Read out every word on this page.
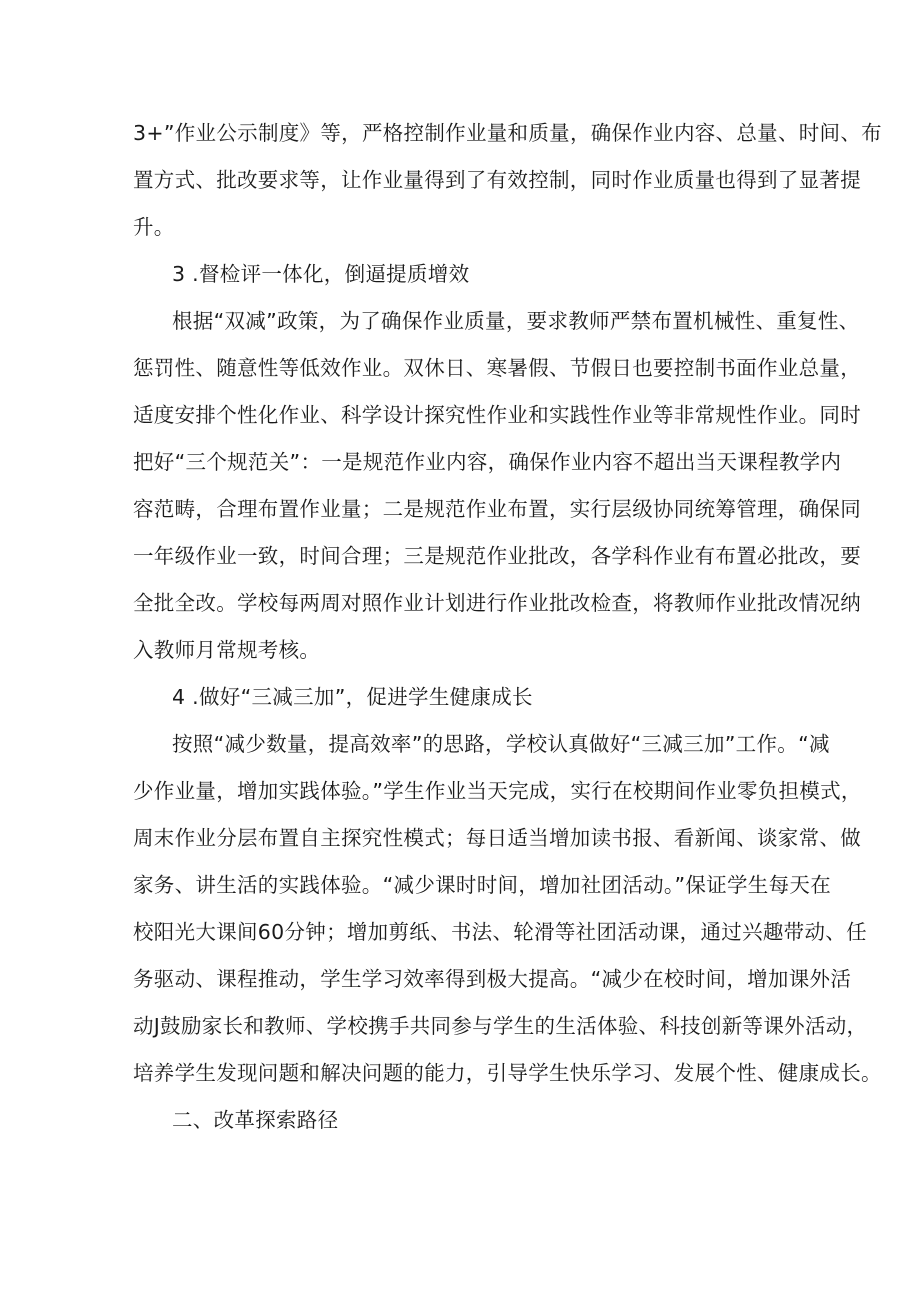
3+”作业公示制度》等，严格控制作业量和质量，确保作业内容、总量、时间、布
置方式、批改要求等，让作业量得到了有效控制，同时作业质量也得到了显著提
升。
3 .督检评一体化，倒逼提质增效
根据“双减”政策，为了确保作业质量，要求教师严禁布置机械性、重复性、
惩罚性、随意性等低效作业。双休日、寒暑假、节假日也要控制书面作业总量，
适度安排个性化作业、科学设计探究性作业和实践性作业等非常规性作业。同时
把好“三个规范关”：一是规范作业内容，确保作业内容不超出当天课程教学内
容范畴，合理布置作业量；二是规范作业布置，实行层级协同统筹管理，确保同
一年级作业一致，时间合理；三是规范作业批改，各学科作业有布置必批改，要
全批全改。学校每两周对照作业计划进行作业批改检查，将教师作业批改情况纳
入教师月常规考核。
4 .做好“三减三加”，促进学生健康成长
按照“减少数量，提高效率”的思路，学校认真做好“三减三加”工作。“减
少作业量，增加实践体验。”学生作业当天完成，实行在校期间作业零负担模式，
周末作业分层布置自主探究性模式；每日适当增加读书报、看新闻、谈家常、做
家务、讲生活的实践体验。“减少课时时间，增加社团活动。”保证学生每天在
校阳光大课间60分钟；增加剪纸、书法、轮滑等社团活动课，通过兴趣带动、任
务驱动、课程推动，学生学习效率得到极大提高。“减少在校时间，增加课外活
动J鼓励家长和教师、学校携手共同参与学生的生活体验、科技创新等课外活动，
培养学生发现问题和解决问题的能力，引导学生快乐学习、发展个性、健康成长。
二、改革探索路径
